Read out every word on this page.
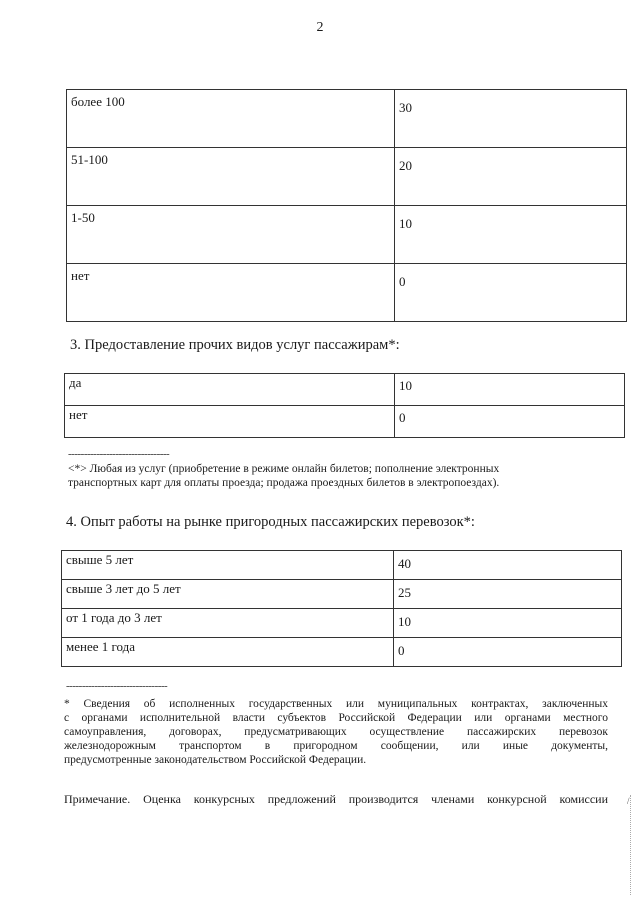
2
более 100	30

51-100	20

1-50	10

нет	0
3. Предоставление прочих видов услуг пассажирам*:
да	10

нет	0
--------------------------------
<*> Любая из услуг (приобретение в режиме онлайн билетов; пополнение электронных
транспортных карт для оплаты проезда; продажа проездных билетов в электропоездах).
4. Опыт работы на рынке пригородных пассажирских перевозок*:
свыше 5 лет	40

свыше 3 лет до 5 лет	25

от 1 года до 3 лет	10

менее 1 года	0
--------------------------------
* Сведения об исполненных государственных или муниципальных контрактах, заключенных
с органами исполнительной власти субъектов Российской Федерации или органами местного
самоуправления, договорах, предусматривающих осуществление пассажирских перевозок
железнодорожным транспортом в пригородном сообщении, или иные документы,
предусмотренные законодательством Российской Федерации.
Примечание. Оценка конкурсных предложений производится членами конкурсной комиссии /
